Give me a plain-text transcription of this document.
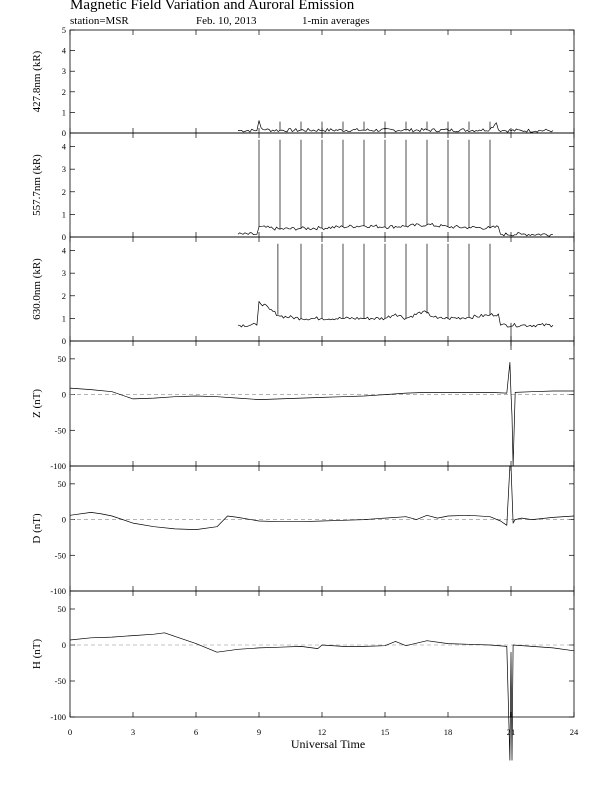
Magnetic Field Variation and Auroral Emission
station=MSR	Feb. 10, 2013	1-min averages
0
1
2
3
4
5
427.8nm (kR)
0
1
2
3
4
557.7nm (kR)
0
1
2
3
4
630.0nm (kR)
-100
-50
0
50
Z (nT)
-100
-50
0
50
D (nT)
-100
-50
0
50
H (nT)
0	3	6	9	12	15	18	21	24
Universal Time
